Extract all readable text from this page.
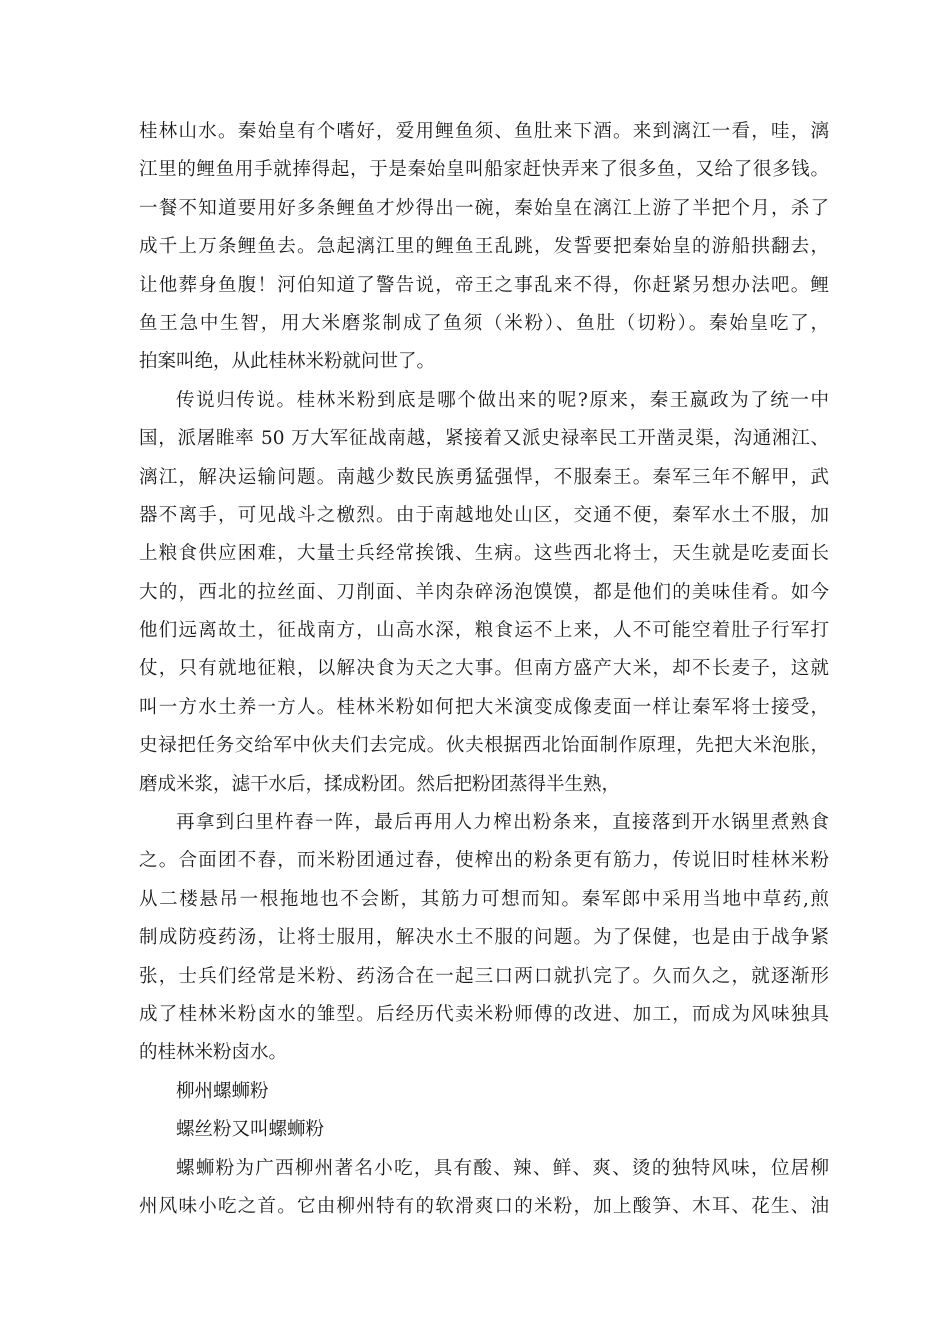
桂林山水。秦始皇有个嗜好，爱用鲤鱼须、鱼肚来下酒。来到漓江一看，哇，漓
江里的鲤鱼用手就捧得起，于是秦始皇叫船家赶快弄来了很多鱼，又给了很多钱。
一餐不知道要用好多条鲤鱼才炒得出一碗，秦始皇在漓江上游了半把个月，杀了
成千上万条鲤鱼去。急起漓江里的鲤鱼王乱跳，发誓要把秦始皇的游船拱翻去，
让他葬身鱼腹！河伯知道了警告说，帝王之事乱来不得，你赶紧另想办法吧。鲤
鱼王急中生智，用大米磨浆制成了鱼须（米粉）、鱼肚（切粉）。秦始皇吃了，
拍案叫绝，从此桂林米粉就问世了。
传说归传说。桂林米粉到底是哪个做出来的呢?原来，秦王嬴政为了统一中
国，派屠睢率 50 万大军征战南越，紧接着又派史禄率民工开凿灵渠，沟通湘江、
漓江，解决运输问题。南越少数民族勇猛强悍，不服秦王。秦军三年不解甲，武
器不离手，可见战斗之檄烈。由于南越地处山区，交通不便，秦军水土不服，加
上粮食供应困难，大量士兵经常挨饿、生病。这些西北将士，天生就是吃麦面长
大的，西北的拉丝面、刀削面、羊肉杂碎汤泡馍馍，都是他们的美味佳肴。如今
他们远离故土，征战南方，山高水深，粮食运不上来，人不可能空着肚子行军打
仗，只有就地征粮，以解决食为天之大事。但南方盛产大米，却不长麦子，这就
叫一方水土养一方人。桂林米粉如何把大米演变成像麦面一样让秦军将士接受，
史禄把任务交给军中伙夫们去完成。伙夫根据西北饴面制作原理，先把大米泡胀，
磨成米浆，滤干水后，揉成粉团。然后把粉团蒸得半生熟，
再拿到臼里杵舂一阵，最后再用人力榨出粉条来，直接落到开水锅里煮熟食
之。合面团不舂，而米粉团通过舂，使榨出的粉条更有筋力，传说旧时桂林米粉
从二楼悬吊一根拖地也不会断，其筋力可想而知。秦军郎中采用当地中草药,煎
制成防疫药汤，让将士服用，解决水土不服的问题。为了保健，也是由于战争紧
张，士兵们经常是米粉、药汤合在一起三口两口就扒完了。久而久之，就逐渐形
成了桂林米粉卤水的雏型。后经历代卖米粉师傅的改进、加工，而成为风味独具
的桂林米粉卤水。
柳州螺蛳粉
螺丝粉又叫螺蛳粉
螺蛳粉为广西柳州著名小吃，具有酸、辣、鲜、爽、烫的独特风味，位居柳
州风味小吃之首。它由柳州特有的软滑爽口的米粉，加上酸笋、木耳、花生、油
